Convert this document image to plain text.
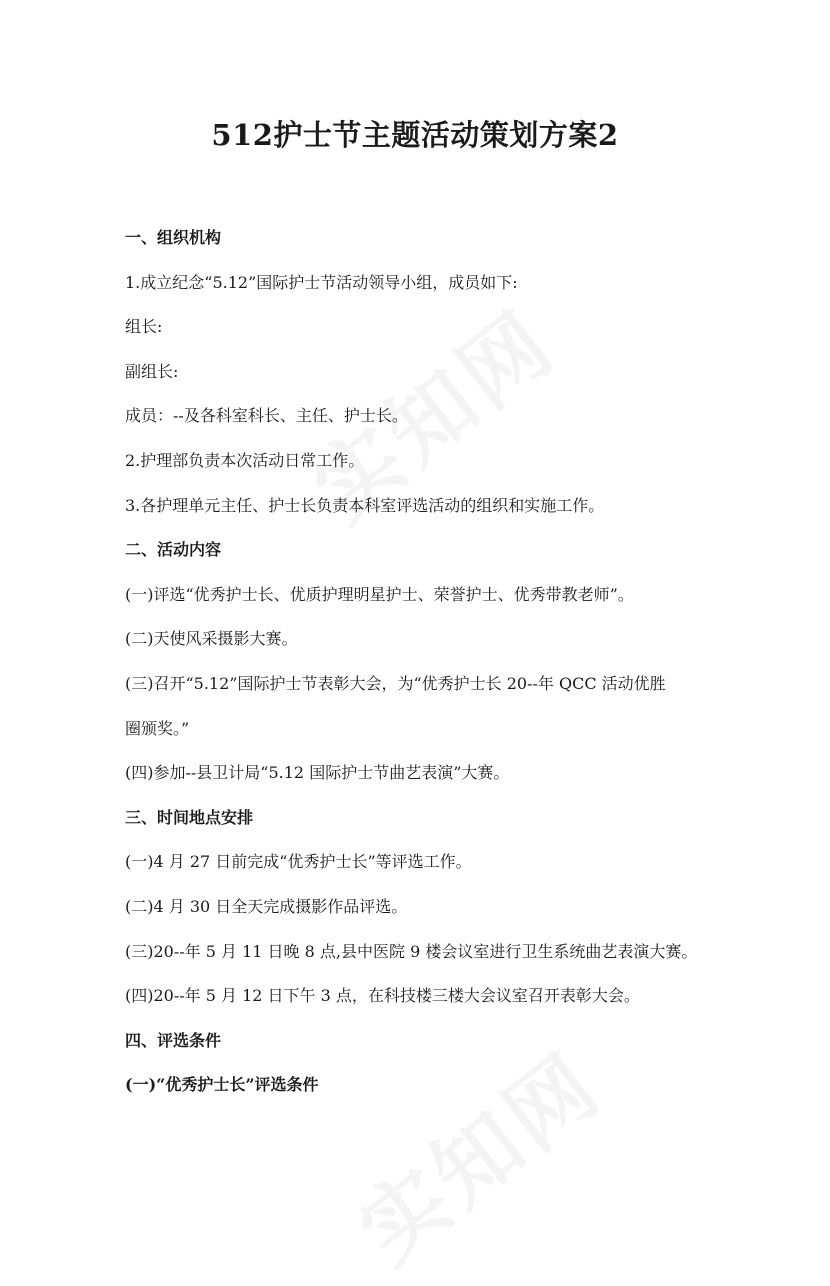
512护士节主题活动策划方案2
一、组织机构
1.成立纪念“5.12”国际护士节活动领导小组，成员如下:
组长:
副组长:
成员：--及各科室科长、主任、护士长。
2.护理部负责本次活动日常工作。
3.各护理单元主任、护士长负责本科室评选活动的组织和实施工作。
二、活动内容
(一)评选“优秀护士长、优质护理明星护士、荣誉护士、优秀带教老师”。
(二)天使风采摄影大赛。
(三)召开“5.12”国际护士节表彰大会，为“优秀护士长 20--年 QCC 活动优胜
圈颁奖。”
(四)参加--县卫计局“5.12 国际护士节曲艺表演”大赛。
三、时间地点安排
(一)4 月 27 日前完成“优秀护士长”等评选工作。
(二)4 月 30 日全天完成摄影作品评选。
(三)20--年 5 月 11 日晚 8 点,县中医院 9 楼会议室进行卫生系统曲艺表演大赛。
(四)20--年 5 月 12 日下午 3 点，在科技楼三楼大会议室召开表彰大会。
四、评选条件
(一)“优秀护士长”评选条件
